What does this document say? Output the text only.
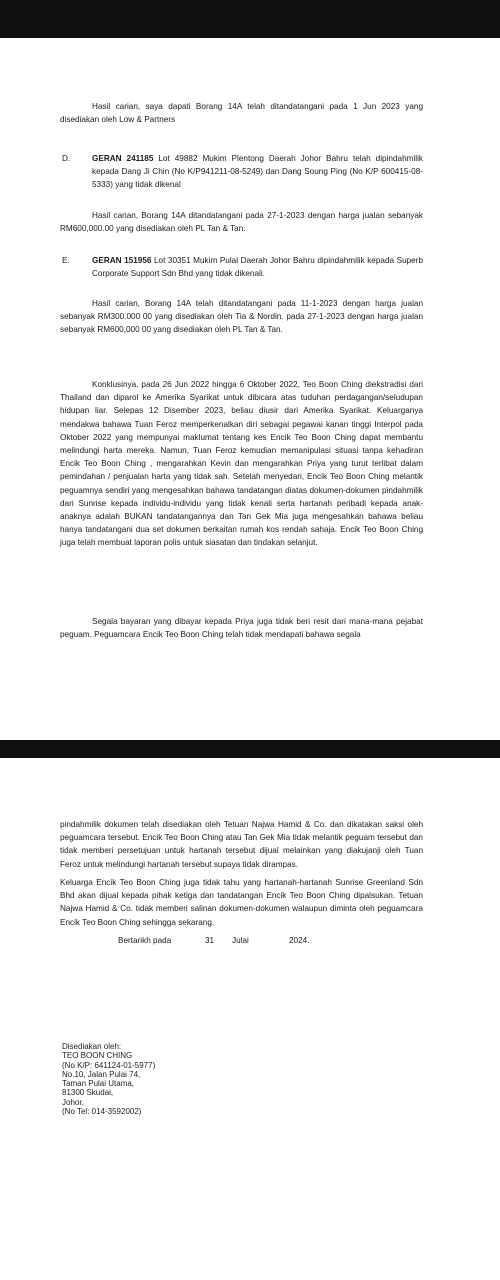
Hasil carian, saya dapati Borang 14A telah ditandatangani pada 1 Jun 2023 yang disediakan oleh Low & Partners

D.	GERAN 241185 Lot 49882 Mukim Plentong Daerah Johor Bahru telah dipindahmilik kepada Dang Ji Chin (No K/P941211-08-5249) dan Dang Soung Ping (No K/P 600415-08-5333) yang tidak dikenal

Hasil carian, Borang 14A ditandatangani pada 27-1-2023 dengan harga jualan sebanyak RM600,000.00 yang disediakan oleh PL Tan & Tan.

E.	GERAN 151956 Lot 30351 Mukim Pulai Daerah Johor Bahru dipindahmilik kepada Superb Corporate Support Sdn Bhd yang tidak dikenali.

Hasil carian, Borang 14A telah ditandatangani pada 11-1-2023 dengan harga jualan sebanyak RM300.000 00 yang disediakan oleh Tia & Nordin. pada 27-1-2023 dengan harga jualan sebanyak RM600,000 00 yang disediakan oleh PL Tan & Tan.

Konklusinya, pada 26 Jun 2022 hingga 6 Oktober 2022, Teo Boon Ching diekstradisi dari Thailand dan diparol ke Amerika Syarikat untuk dibicara atas tuduhan perdagangan/seludupan hidupan liar. Selepas 12 Disember 2023, beliau diusir dari Amerika Syarikat. Keluarganya mendakwa bahawa Tuan Feroz memperkenalkan diri sebagai pegawai kanan tinggi Interpol pada Oktober 2022 yang mempunyai maklumat tentang kes Encik Teo Boon Ching dapat membantu melindungi harta mereka. Namun, Tuan Feroz kemudian memanipulasi situasi tanpa kehadiran Encik Teo Boon Ching , mengarahkan Kevin dan mengarahkan Priya yang turut terlibat dalam pemindahan / penjualan harta yang tidak sah. Setelah menyedari, Encik Teo Boon Ching melantik peguamnya sendiri yang mengesahkan bahawa tandatangan diatas dokumen-dokumen pindahmilik dari Sunrise kepada individu-individu yang tidak kenali serta hartanah peribadi kepada anak-anaknya adalah BUKAN tandatangannya dan Tan Gek Mia juga mengesahkan bahawa beliau hanya tandatangani dua set dokumen berkaitan rumah kos rendah sahaja. Encik Teo Boon Ching juga telah membuat laporan polis untuk siasatan dan tindakan selanjut.

Segala bayaran yang dibayar kepada Priya juga tidak beri resit dari mana-mana pejabat peguam. Peguamcara Encik Teo Boon Ching telah tidak mendapati bahawa segala

pindahmilik dokumen telah disediakan oleh Tetuan Najwa Hamid & Co. dan dikatakan saksi oleh peguamcara tersebut. Encik Teo Boon Ching atau Tan Gek Mia tidak melantik peguam tersebut dan tidak memberi persetujuan untuk hartanah tersebut dijual melainkan yang diakujanji oleh Tuan Feroz untuk melindungi hartanah tersebut supaya tidak dirampas.

Keluarga Encik Teo Boon Ching juga tidak tahu yang hartanah-hartanah Sunrise Greenland Sdn Bhd akan dijual kepada pihak ketiga dan tandatangan Encik Teo Boon Ching dipalsukan. Tetuan Najwa Hamid & Co. tidak memberi salinan dokumen-dokumen walaupun diminta oleh peguamcara Encik Teo Boon Ching sehingga sekarang.

Bertarikh pada	31 Julai	2024.
Disediakan oleh:
TEO BOON CHING
(No K/P: 641124-01-5977)
No.10, Jalan Pulai 74,
Taman Pulai Utama,
81300 Skudai,
Johor.
(No Tel: 014-3592002)
